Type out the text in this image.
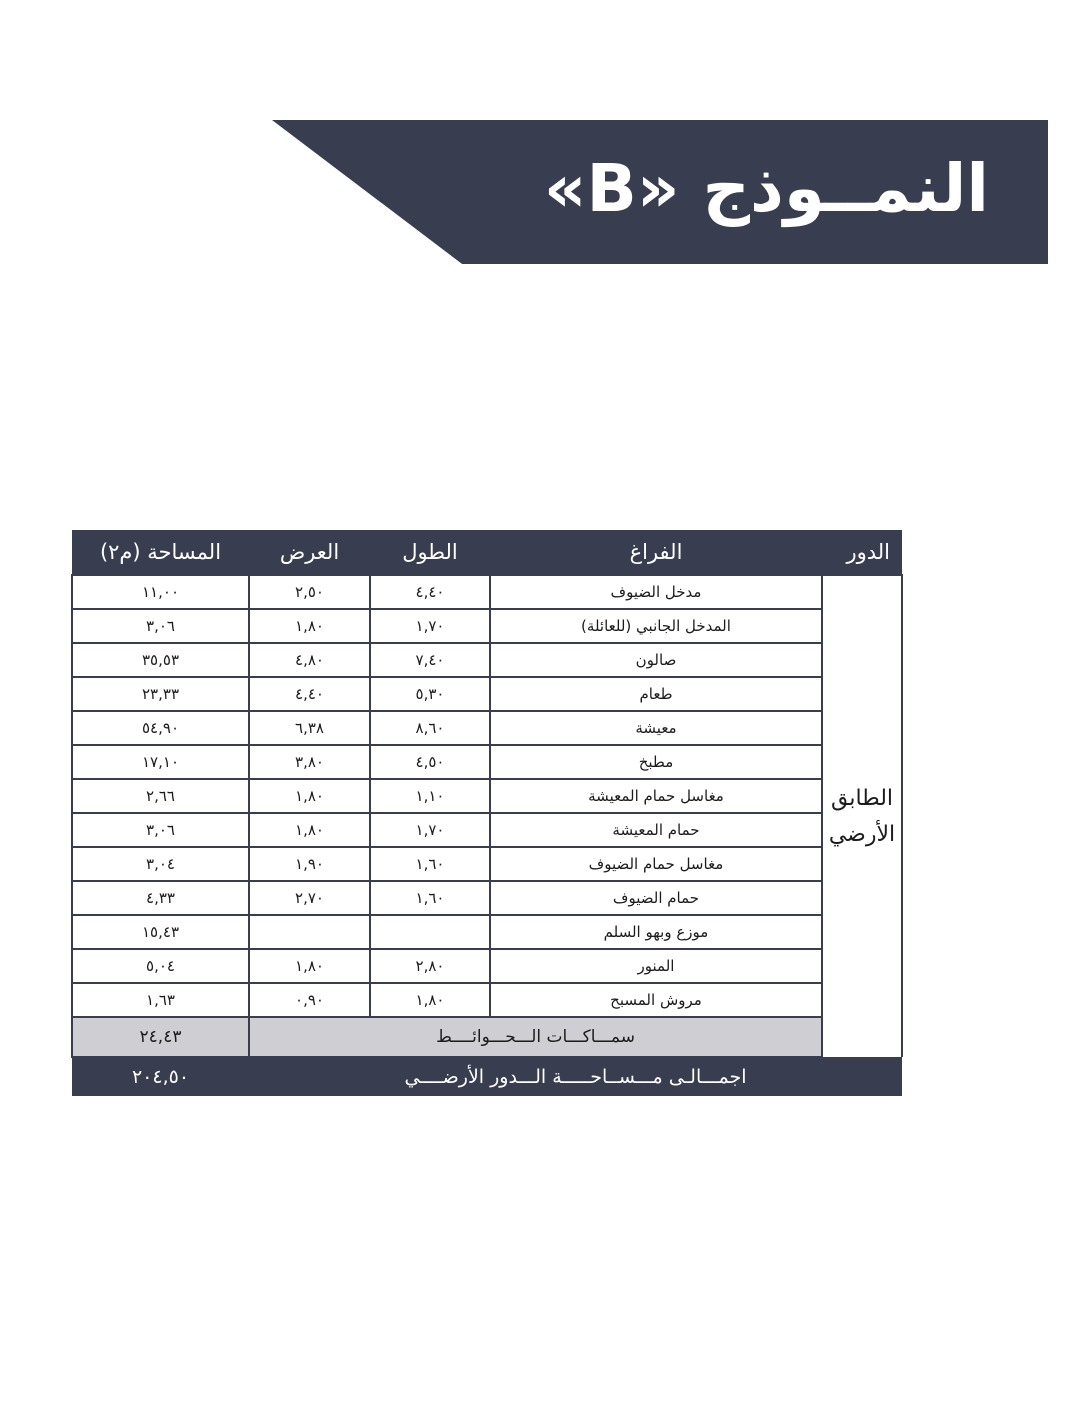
النمــوذج «B»
الدور	الفراغ	الطول	العرض	المساحة (م٢)
الطابق الأرضي	مدخل الضيوف	٤,٤٠	٢,٥٠	١١,٠٠
	المدخل الجانبي (للعائلة)	١,٧٠	١,٨٠	٣,٠٦
	صالون	٧,٤٠	٤,٨٠	٣٥,٥٣
	طعام	٥,٣٠	٤,٤٠	٢٣,٣٣
	معيشة	٨,٦٠	٦,٣٨	٥٤,٩٠
	مطبخ	٤,٥٠	٣,٨٠	١٧,١٠
	مغاسل حمام المعيشة	١,١٠	١,٨٠	٢,٦٦
	حمام المعيشة	١,٧٠	١,٨٠	٣,٠٦
	مغاسل حمام الضيوف	١,٦٠	١,٩٠	٣,٠٤
	حمام الضيوف	١,٦٠	٢,٧٠	٤,٣٣
	موزع وبهو السلم			١٥,٤٣
	المنور	٢,٨٠	١,٨٠	٥,٠٤
	مروش المسبح	١,٨٠	٠,٩٠	١,٦٣
	سمـــاكـــات الـــحـــوائــــط			٢٤,٤٣
اجمـــالـى مـــســاحـــــة الـــدور الأرضــــي				٢٠٤,٥٠
